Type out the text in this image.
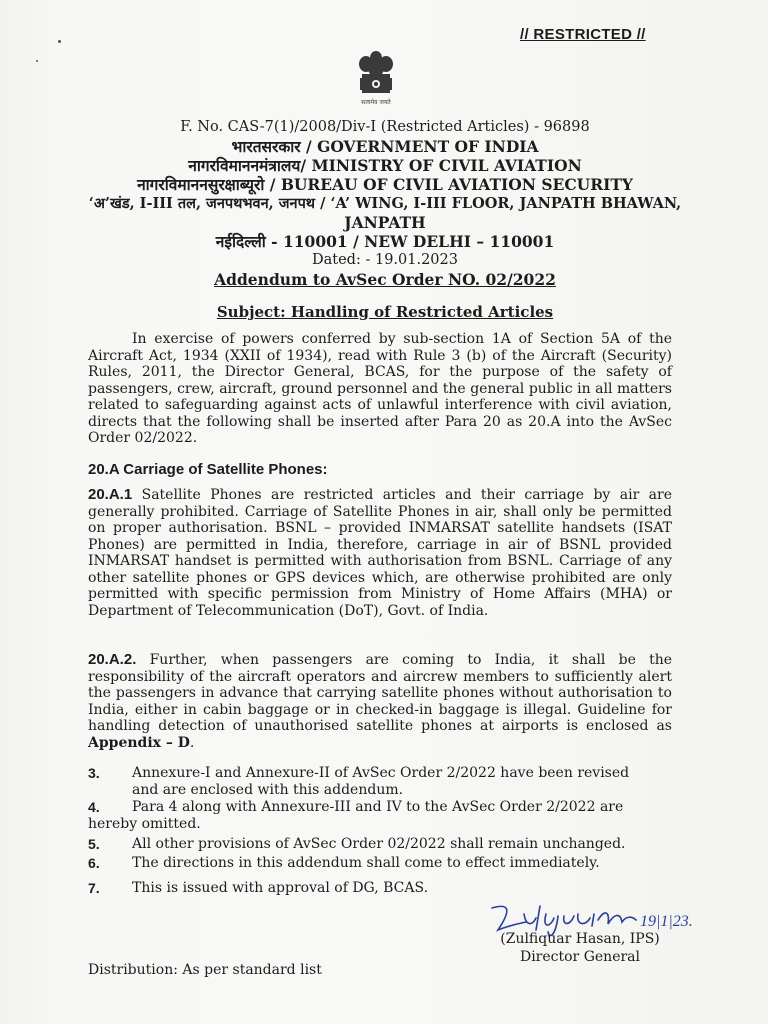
// RESTRICTED //
सत्यमेव जयते
F. No. CAS-7(1)/2008/Div-I (Restricted Articles) - 96898
भारतसरकार / GOVERNMENT OF INDIA
नागरविमाननमंत्रालय/ MINISTRY OF CIVIL AVIATION
नागरविमाननसुरक्षाब्यूरो / BUREAU OF CIVIL AVIATION SECURITY
‘अ’खंड, I-III तल, जनपथभवन, जनपथ / ‘A’ WING, I-III FLOOR, JANPATH BHAWAN,
JANPATH
नईदिल्ली - 110001 / NEW DELHI – 110001
Dated: - 19.01.2023
Addendum to AvSec Order NO. 02/2022
Subject: Handling of Restricted Articles
In exercise of powers conferred by sub-section 1A of Section 5A of the Aircraft Act, 1934 (XXII of 1934), read with Rule 3 (b) of the Aircraft (Security) Rules, 2011, the Director General, BCAS, for the purpose of the safety of passengers, crew, aircraft, ground personnel and the general public in all matters related to safeguarding against acts of unlawful interference with civil aviation, directs that the following shall be inserted after Para 20 as 20.A into the AvSec Order 02/2022.
20.A Carriage of Satellite Phones:
20.A.1 Satellite Phones are restricted articles and their carriage by air are generally prohibited. Carriage of Satellite Phones in air, shall only be permitted on proper authorisation. BSNL – provided INMARSAT satellite handsets (ISAT Phones) are permitted in India, therefore, carriage in air of BSNL provided INMARSAT handset is permitted with authorisation from BSNL. Carriage of any other satellite phones or GPS devices which, are otherwise prohibited are only permitted with specific permission from Ministry of Home Affairs (MHA) or Department of Telecommunication (DoT), Govt. of India.
20.A.2. Further, when passengers are coming to India, it shall be the responsibility of the aircraft operators and aircrew members to sufficiently alert the passengers in advance that carrying satellite phones without authorisation to India, either in cabin baggage or in checked-in baggage is illegal. Guideline for handling detection of unauthorised satellite phones at airports is enclosed as Appendix – D.
3. Annexure-I and Annexure-II of AvSec Order 2/2022 have been revised
and are enclosed with this addendum.
4. Para 4 along with Annexure-III and IV to the AvSec Order 2/2022 are
hereby omitted.
5. All other provisions of AvSec Order 02/2022 shall remain unchanged.
6. The directions in this addendum shall come to effect immediately.
7. This is issued with approval of DG, BCAS.
19|1|23.
(Zulfiquar Hasan, IPS)
Director General
Distribution: As per standard list
